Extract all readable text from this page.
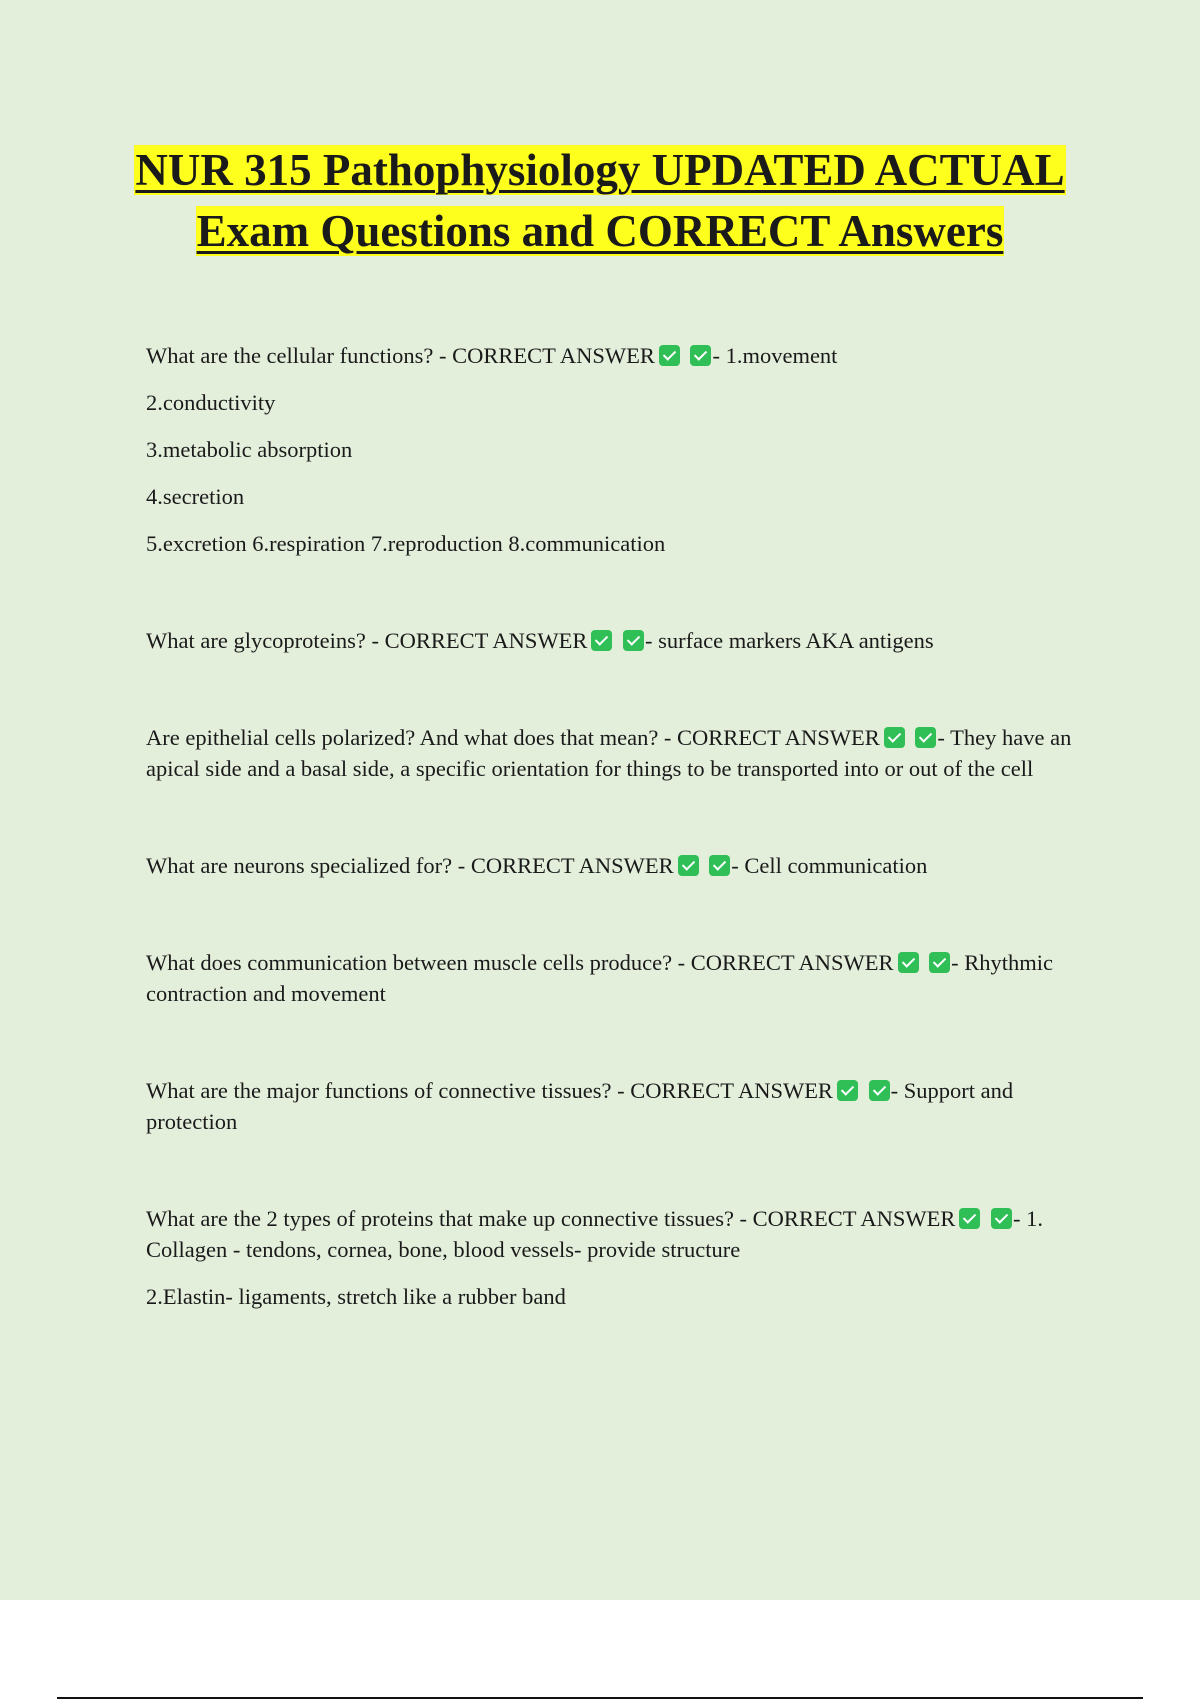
NUR 315 Pathophysiology UPDATED ACTUAL Exam Questions and CORRECT Answers

What are the cellular functions? - CORRECT ANSWER	- 1.movement

2.conductivity

3.metabolic absorption

4.secretion

5.excretion 6.respiration 7.reproduction 8.communication

What are glycoproteins? - CORRECT ANSWER	- surface markers AKA antigens

Are epithelial cells polarized? And what does that mean? - CORRECT ANSWER	- They have an apical side and a basal side, a specific orientation for things to be transported into or out of the cell

What are neurons specialized for? - CORRECT ANSWER	- Cell communication

What does communication between muscle cells produce? - CORRECT ANSWER	- Rhythmic contraction and movement

What are the major functions of connective tissues? - CORRECT ANSWER	- Support and protection

What are the 2 types of proteins that make up connective tissues? - CORRECT ANSWER	- 1. Collagen - tendons, cornea, bone, blood vessels- provide structure

2.Elastin- ligaments, stretch like a rubber band
